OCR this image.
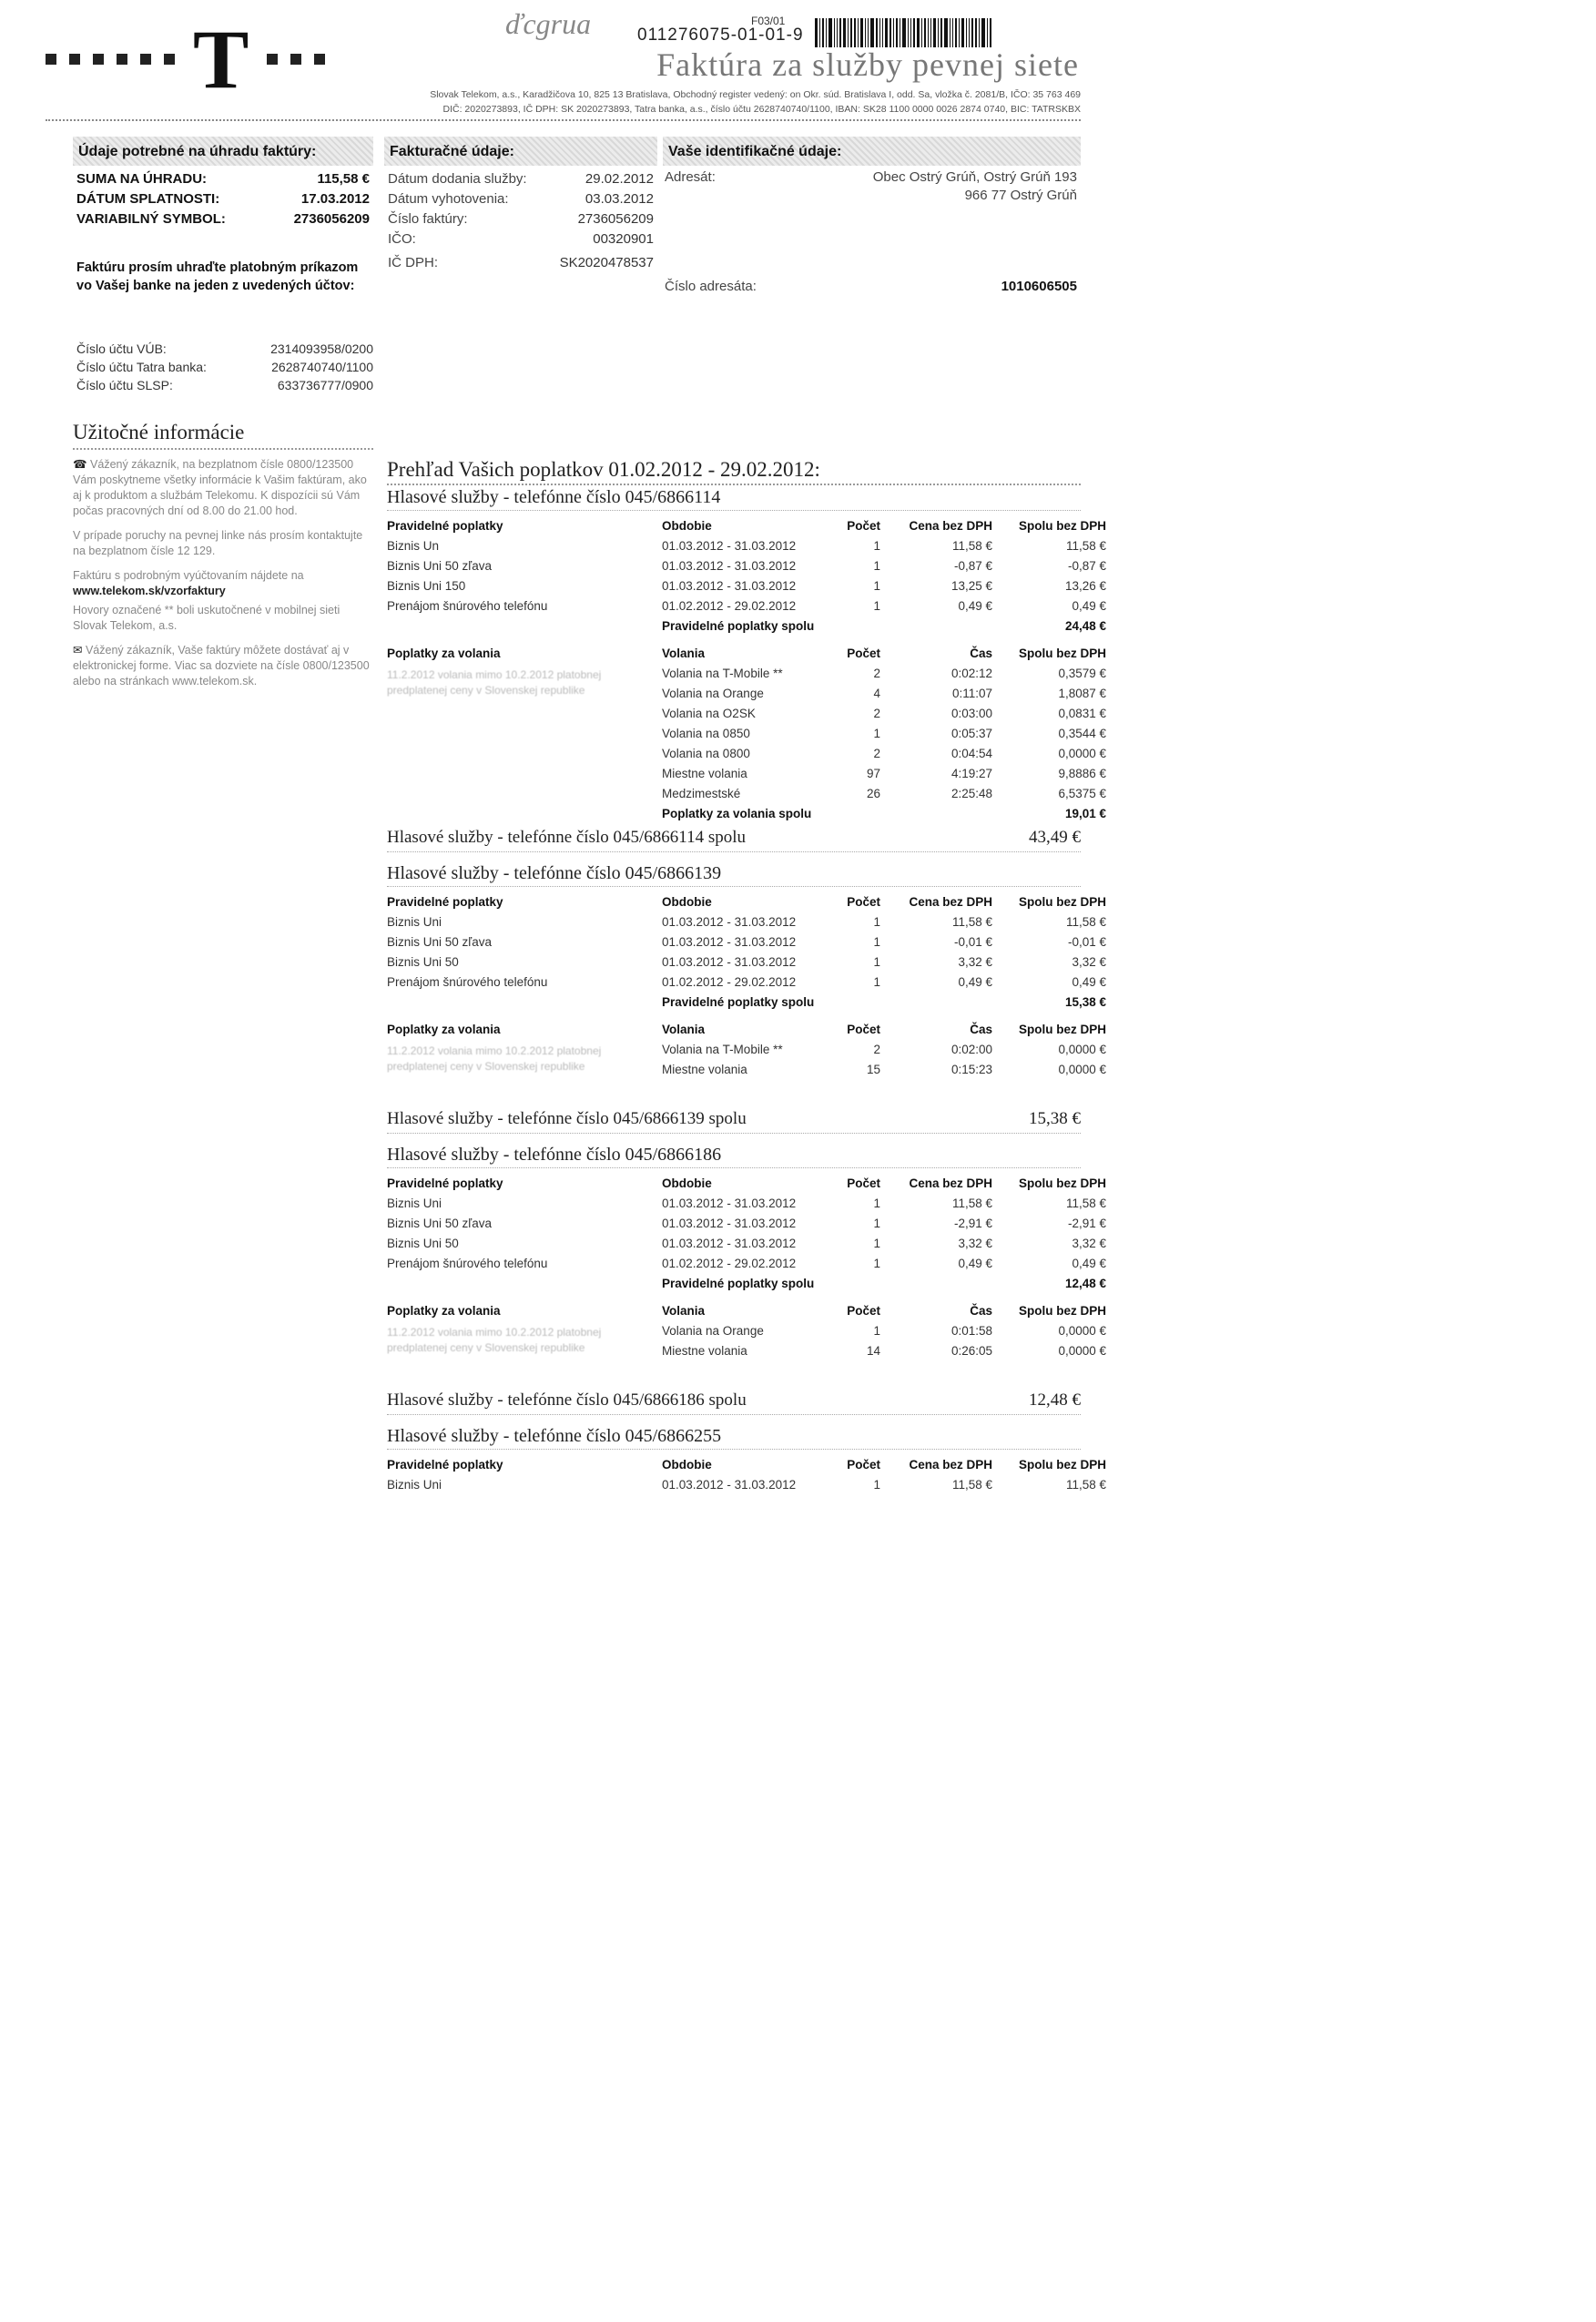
T	ďcgrua	F03/01
011276075-01-01-9
Faktúra za služby pevnej siete
Slovak Telekom, a.s., Karadžičova 10, 825 13 Bratislava, Obchodný register vedený: on Okr. súd. Bratislava I, odd. Sa, vložka č. 2081/B, IČO: 35 763 469
DIČ: 2020273893, IČ DPH: SK 2020273893, Tatra banka, a.s., číslo účtu 2628740740/1100, IBAN: SK28 1100 0000 0026 2874 0740, BIC: TATRSKBX
Údaje potrebné na úhradu faktúry:
SUMA NA ÚHRADU:	115,58 €
DÁTUM SPLATNOSTI:	17.03.2012
VARIABILNÝ SYMBOL:	2736056209
Faktúru prosím uhraďte platobným príkazom vo Vašej banke na jeden z uvedených účtov:
Číslo účtu VÚB:	2314093958/0200
Číslo účtu Tatra banka:	2628740740/1100
Číslo účtu SLSP:	633736777/0900
Fakturačné údaje:
Dátum dodania služby:	29.02.2012
Dátum vyhotovenia:	03.03.2012
Číslo faktúry:	2736056209
IČO:	00320901
IČ DPH:	SK2020478537
Vaše identifikačné údaje:
Adresát:	Obec Ostrý Grúň, Ostrý Grúň 193
966 77 Ostrý Grúň
Číslo adresáta:	1010606505
Užitočné informácie
☎ Vážený zákazník, na bezplatnom čísle 0800/123500 Vám poskytneme všetky informácie k Vašim faktúram, ako aj k produktom a službám Telekomu. K dispozícii sú Vám počas pracovných dní od 8.00 do 21.00 hod.
V prípade poruchy na pevnej linke nás prosím kontaktujte na bezplatnom čísle 12 129.
Faktúru s podrobným vyúčtovaním nájdete na
www.telekom.sk/vzorfaktury
Hovory označené ** boli uskutočnené v mobilnej sieti Slovak Telekom, a.s.
✉ Vážený zákazník, Vaše faktúry môžete dostávať aj v elektronickej forme. Viac sa dozviete na čísle 0800/123500 alebo na stránkach www.telekom.sk.
Prehľad Vašich poplatkov 01.02.2012 - 29.02.2012:
Hlasové služby - telefónne číslo 045/6866114
Pravidelné poplatky	Obdobie	Počet	Cena bez DPH	Spolu bez DPH
Biznis Un	01.03.2012 - 31.03.2012	1	11,58 €	11,58 €
Biznis Uni 50 zľava	01.03.2012 - 31.03.2012	1	-0,87 €	-0,87 €
Biznis Uni 150	01.03.2012 - 31.03.2012	1	13,25 €	13,26 €
Prenájom šnúrového telefónu	01.02.2012 - 29.02.2012	1	0,49 €	0,49 €
Pravidelné poplatky spolu	24,48 €
Poplatky za volania	Volania	Počet	Čas	Spolu bez DPH
11.2.2012 volania mimo 10.2.2012 platobnej predplatenej ceny v Slovenskej republike
Volania na T-Mobile **	2	0:02:12	0,3579 €
Volania na Orange	4	0:11:07	1,8087 €
Volania na O2SK	2	0:03:00	0,0831 €
Volania na 0850	1	0:05:37	0,3544 €
Volania na 0800	2	0:04:54	0,0000 €
Miestne volania	97	4:19:27	9,8886 €
Medzimestské	26	2:25:48	6,5375 €
Poplatky za volania spolu	19,01 €
Hlasové služby - telefónne číslo 045/6866114 spolu	43,49 €
Hlasové služby - telefónne číslo 045/6866139
Pravidelné poplatky	Obdobie	Počet	Cena bez DPH	Spolu bez DPH
Biznis Uni	01.03.2012 - 31.03.2012	1	11,58 €	11,58 €
Biznis Uni 50 zľava	01.03.2012 - 31.03.2012	1	-0,01 €	-0,01 €
Biznis Uni 50	01.03.2012 - 31.03.2012	1	3,32 €	3,32 €
Prenájom šnúrového telefónu	01.02.2012 - 29.02.2012	1	0,49 €	0,49 €
Pravidelné poplatky spolu	15,38 €
Poplatky za volania	Volania	Počet	Čas	Spolu bez DPH
11.2.2012 volania mimo 10.2.2012 platobnej predplatenej ceny v Slovenskej republike
Volania na T-Mobile **	2	0:02:00	0,0000 €
Miestne volania	15	0:15:23	0,0000 €
Hlasové služby - telefónne číslo 045/6866139 spolu	15,38 €
Hlasové služby - telefónne číslo 045/6866186
Pravidelné poplatky	Obdobie	Počet	Cena bez DPH	Spolu bez DPH
Biznis Uni	01.03.2012 - 31.03.2012	1	11,58 €	11,58 €
Biznis Uni 50 zľava	01.03.2012 - 31.03.2012	1	-2,91 €	-2,91 €
Biznis Uni 50	01.03.2012 - 31.03.2012	1	3,32 €	3,32 €
Prenájom šnúrového telefónu	01.02.2012 - 29.02.2012	1	0,49 €	0,49 €
Pravidelné poplatky spolu	12,48 €
Poplatky za volania	Volania	Počet	Čas	Spolu bez DPH
11.2.2012 volania mimo 10.2.2012 platobnej predplatenej ceny v Slovenskej republike
Volania na Orange	1	0:01:58	0,0000 €
Miestne volania	14	0:26:05	0,0000 €
Hlasové služby - telefónne číslo 045/6866186 spolu	12,48 €
Hlasové služby - telefónne číslo 045/6866255
Pravidelné poplatky	Obdobie	Počet	Cena bez DPH	Spolu bez DPH
Biznis Uni	01.03.2012 - 31.03.2012	1	11,58 €	11,58 €
